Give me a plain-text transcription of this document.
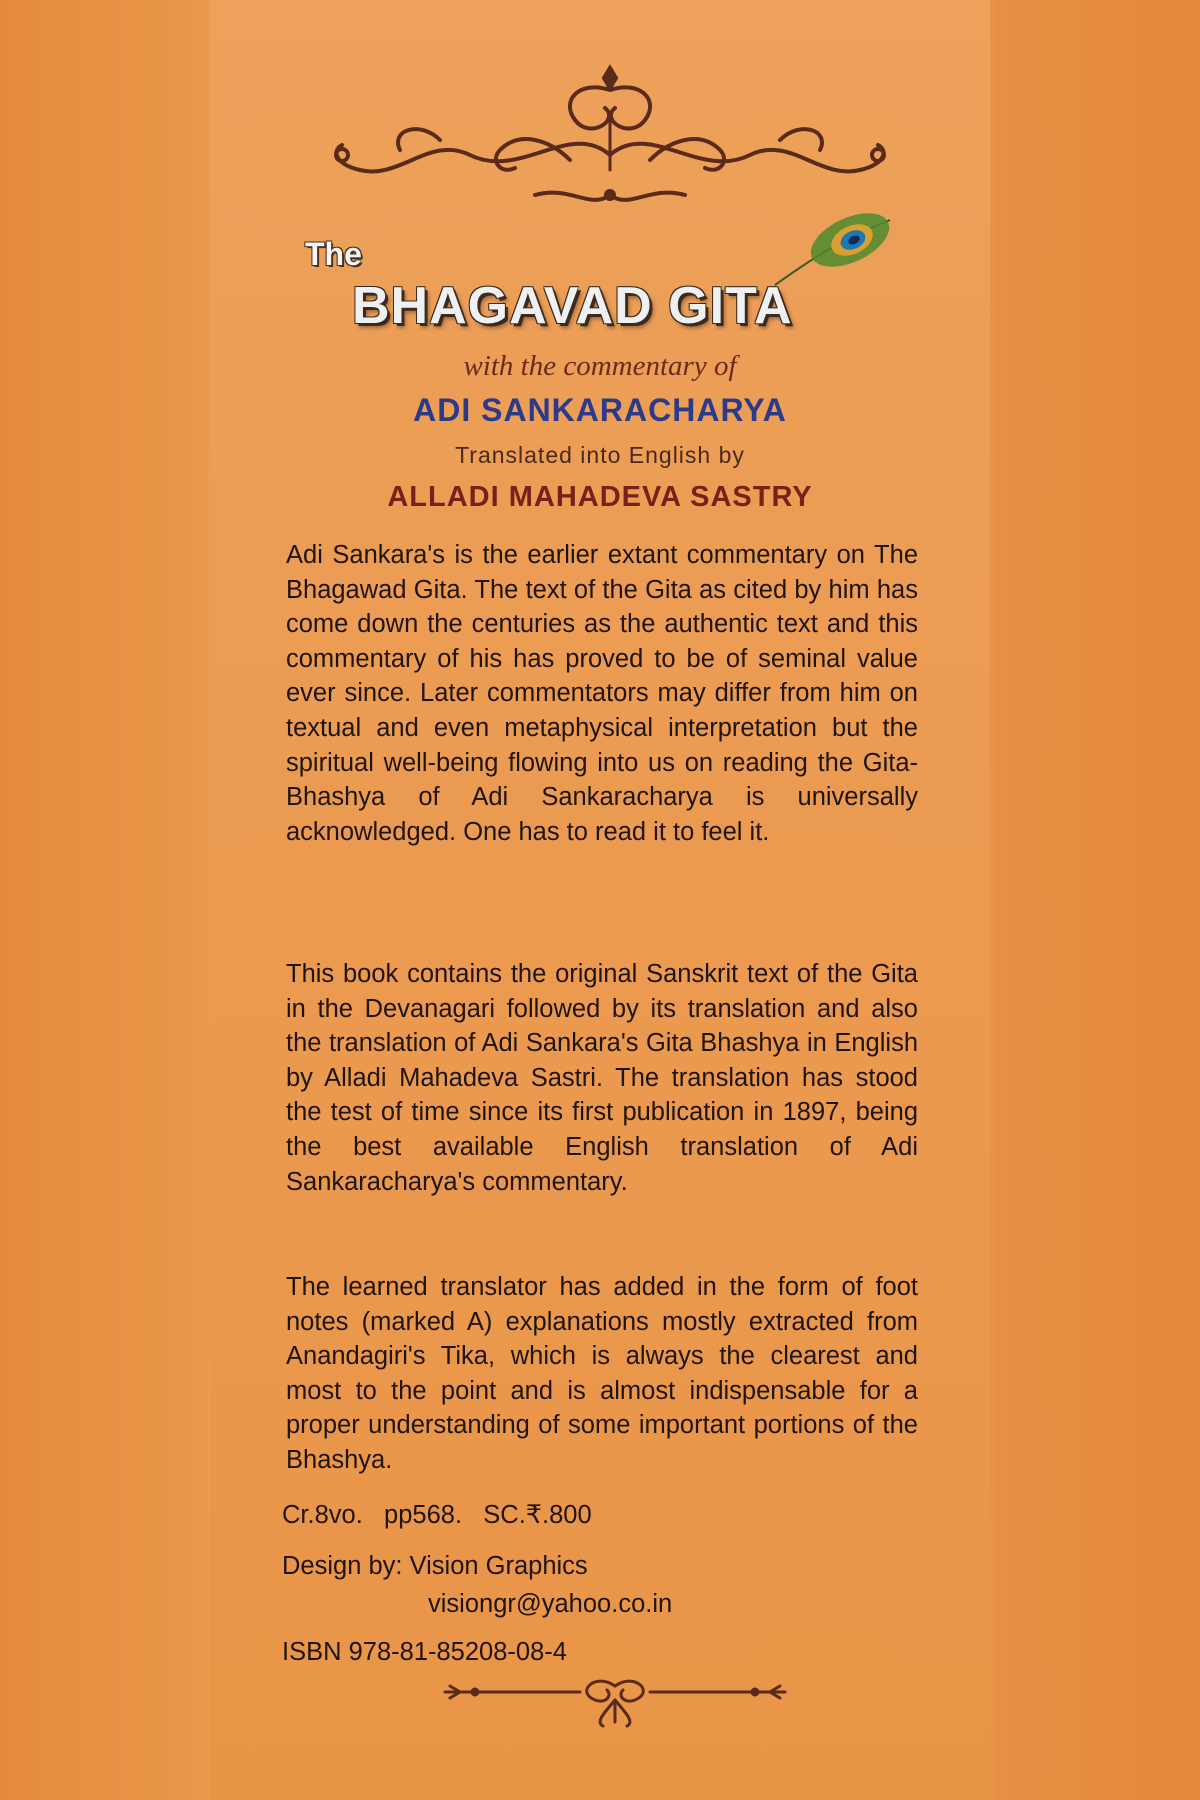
The
BHAGAVAD GITA
with the commentary of
ADI SANKARACHARYA
Translated into English by
ALLADI MAHADEVA SASTRY

Adi Sankara's is the earlier extant commentary on The Bhagawad Gita. The text of the Gita as cited by him has come down the centuries as the authentic text and this commentary of his has proved to be of seminal value ever since. Later commentators may differ from him on textual and even metaphysical interpretation but the spiritual well-being flowing into us on reading the Gita-Bhashya of Adi Sankaracharya is universally acknowledged. One has to read it to feel it.

This book contains the original Sanskrit text of the Gita in the Devanagari followed by its translation and also the translation of Adi Sankara's Gita Bhashya in English by Alladi Mahadeva Sastri. The translation has stood the test of time since its first publication in 1897, being the best available English translation of Adi Sankaracharya's commentary.

The learned translator has added in the form of foot notes (marked A) explanations mostly extracted from Anandagiri's Tika, which is always the clearest and most to the point and is almost indispensable for a proper understanding of some important portions of the Bhashya.

Cr.8vo.   pp568.   SC.₹.800

Design by: Vision Graphics

visiongr@yahoo.co.in

ISBN 978-81-85208-08-4
